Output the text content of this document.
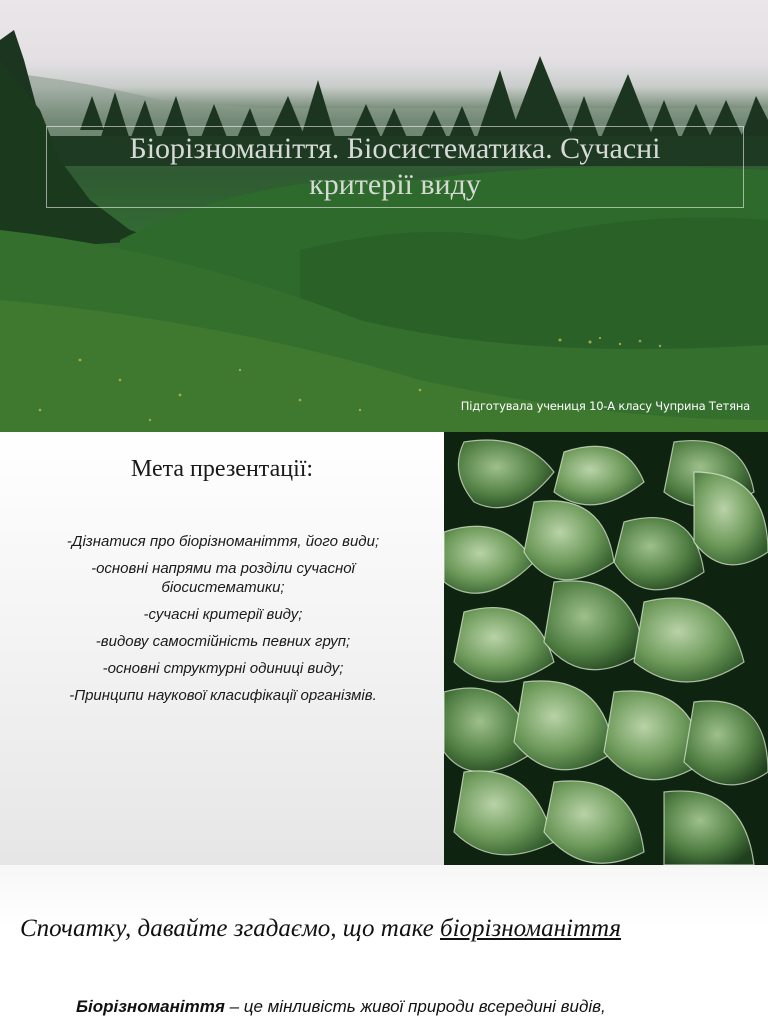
Біорізноманіття. Біосистематика. Сучасні критерії виду
Підготувала учениця 10-А класу Чуприна Тетяна
Мета презентації:
-Дізнатися про біорізноманіття, його види;
-основні напрями та розділи сучасної біосистематики;
-сучасні критерії виду;
-видову самостійність певних груп;
-основні структурні одиниці виду;
-Принципи наукової класифікації організмів.
Спочатку, давайте згадаємо, що таке біорізноманіття
Біорізноманіття – це мінливість живої природи всередині видів,
